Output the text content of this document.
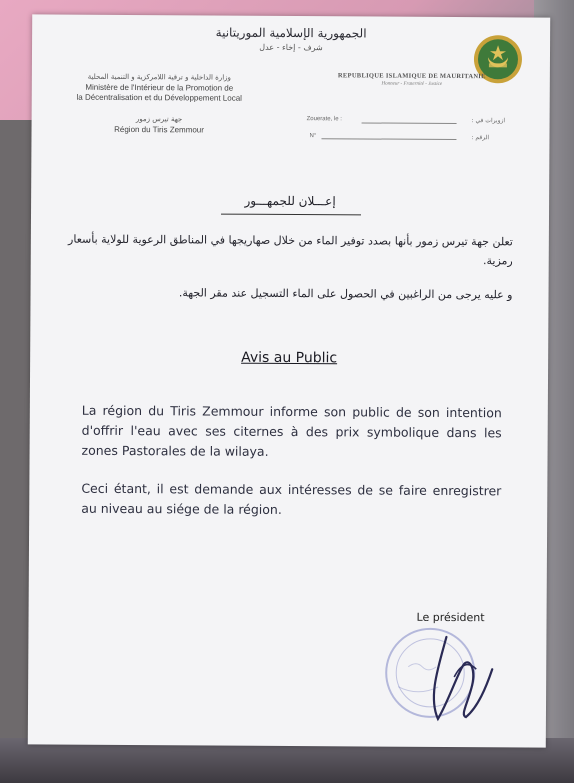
الجمهورية الإسلامية الموريتانية
شرف - إخاء - عدل
وزارة الداخلية و ترقية اللامركزية و التنمية المحلية
Ministère de l'Intérieur de la Promotion de
la Décentralisation et du Développement Local
جهة تيرس زمور
Région du Tiris Zemmour
REPUBLIQUE ISLAMIQUE DE MAURITANIE
Honneur - Fraternité - Justice
Zouerate, le :	ازويرات في :
N°	الرقم :
إعـــلان للجمهـــور
تعلن جهة تيرس زمور بأنها بصدد توفير الماء من خلال صهاريجها في المناطق الرعوية للولاية بأسعار رمزية.
و عليه يرجى من الراغبين في الحصول على الماء التسجيل عند مقر الجهة.
Avis au Public
La région du Tiris Zemmour informe son public de son intention d'offrir l'eau avec ses citernes à des prix symbolique dans les zones Pastorales de la wilaya.
Ceci étant, il est demande aux intéresses de se faire enregistrer au niveau au siége de la région.
Le président
